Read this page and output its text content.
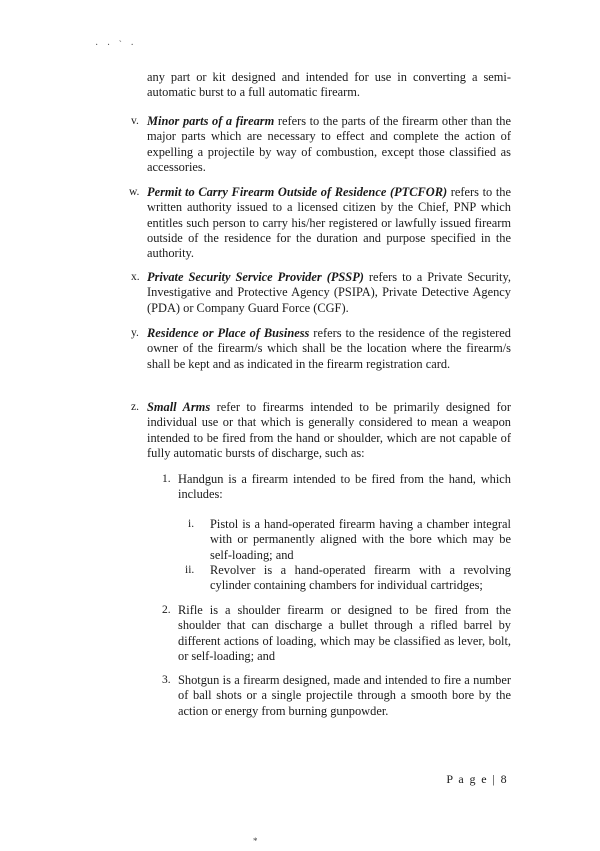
· · ˋ ·
any part or kit designed and intended for use in converting a semi-automatic burst to a full automatic firearm.
v. Minor parts of a firearm refers to the parts of the firearm other than the major parts which are necessary to effect and complete the action of expelling a projectile by way of combustion, except those classified as accessories.
w. Permit to Carry Firearm Outside of Residence (PTCFOR) refers to the written authority issued to a licensed citizen by the Chief, PNP which entitles such person to carry his/her registered or lawfully issued firearm outside of the residence for the duration and purpose specified in the authority.
x. Private Security Service Provider (PSSP) refers to a Private Security, Investigative and Protective Agency (PSIPA), Private Detective Agency (PDA) or Company Guard Force (CGF).
y. Residence or Place of Business refers to the residence of the registered owner of the firearm/s which shall be the location where the firearm/s shall be kept and as indicated in the firearm registration card.
z. Small Arms refer to firearms intended to be primarily designed for individual use or that which is generally considered to mean a weapon intended to be fired from the hand or shoulder, which are not capable of fully automatic bursts of discharge, such as:
1. Handgun is a firearm intended to be fired from the hand, which includes:
i. Pistol is a hand-operated firearm having a chamber integral with or permanently aligned with the bore which may be self-loading; and
ii. Revolver is a hand-operated firearm with a revolving cylinder containing chambers for individual cartridges;
2. Rifle is a shoulder firearm or designed to be fired from the shoulder that can discharge a bullet through a rifled barrel by different actions of loading, which may be classified as lever, bolt, or self-loading; and
3. Shotgun is a firearm designed, made and intended to fire a number of ball shots or a single projectile through a smooth bore by the action or energy from burning gunpowder.
P a g e | 8
*
